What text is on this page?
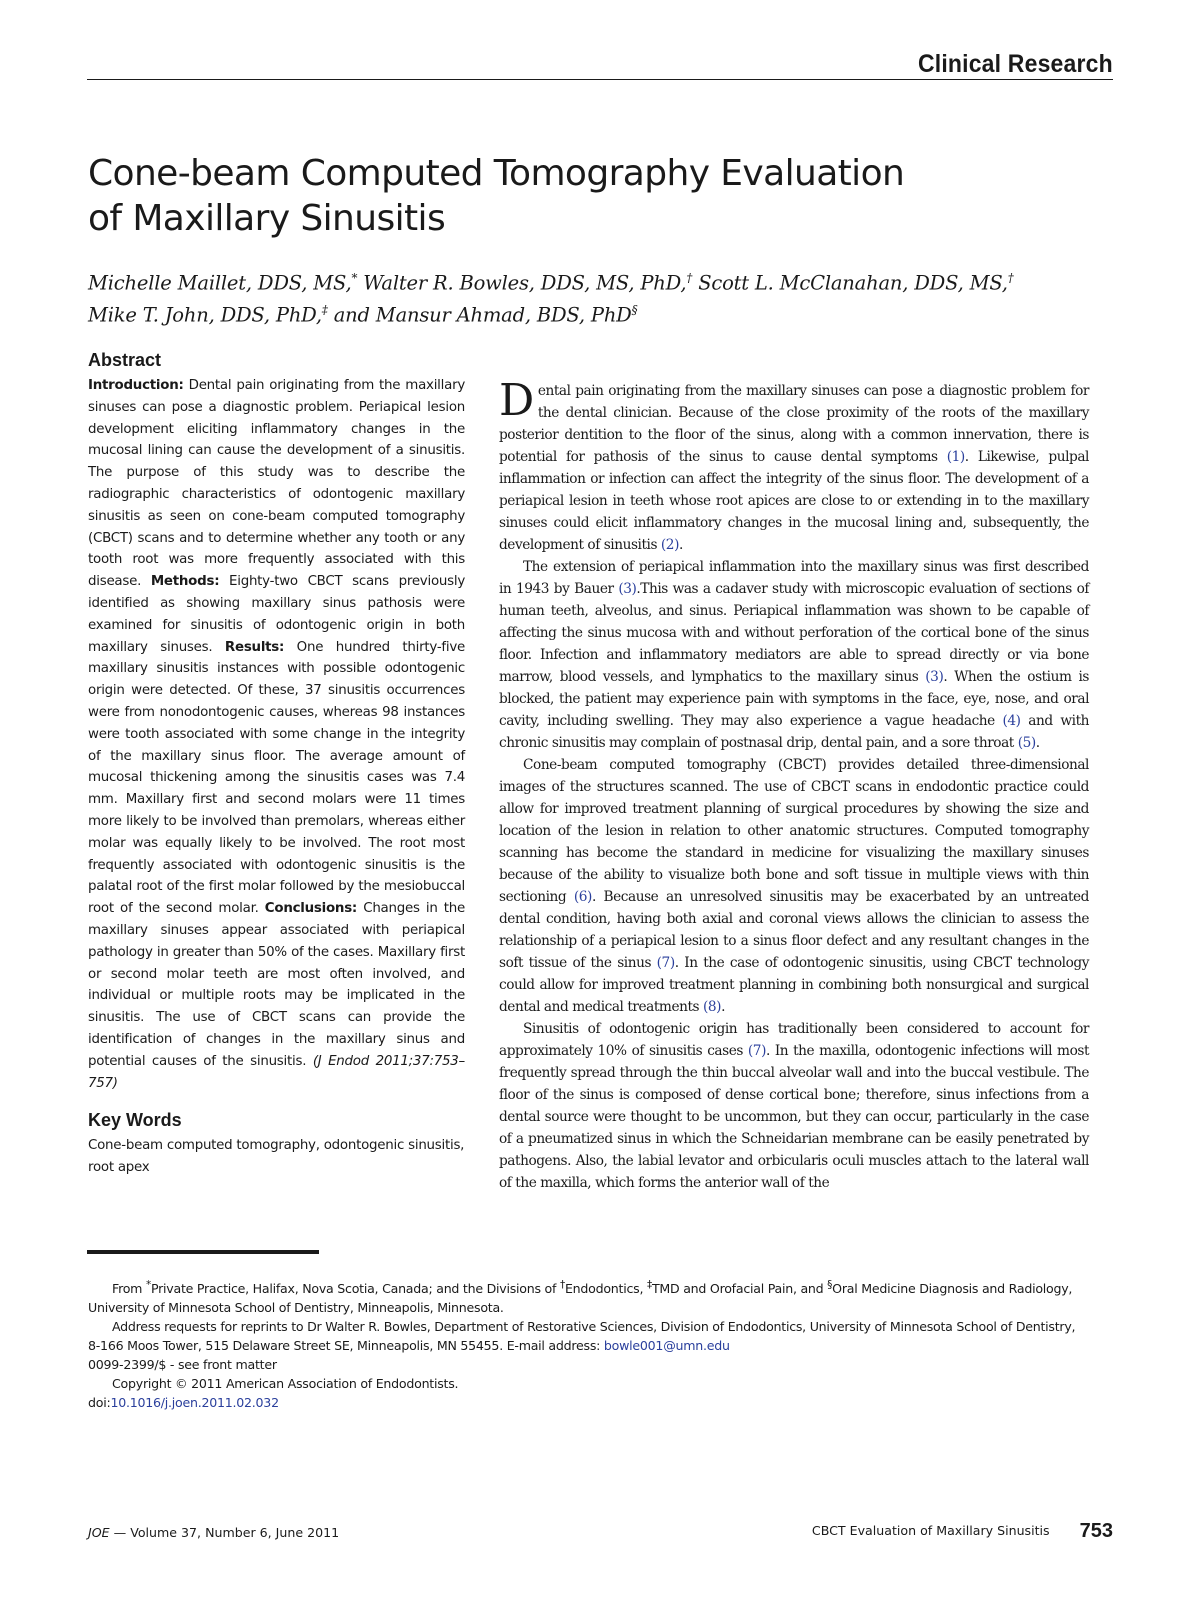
Clinical Research
Cone-beam Computed Tomography Evaluation
of Maxillary Sinusitis
Michelle Maillet, DDS, MS,* Walter R. Bowles, DDS, MS, PhD,† Scott L. McClanahan, DDS, MS,†
Mike T. John, DDS, PhD,‡ and Mansur Ahmad, BDS, PhD§
Abstract

Introduction: Dental pain originating from the maxillary sinuses can pose a diagnostic problem. Periapical lesion development eliciting inflammatory changes in the mucosal lining can cause the development of a sinusitis. The purpose of this study was to describe the radiographic characteristics of odontogenic maxillary sinusitis as seen on cone-beam computed tomography (CBCT) scans and to determine whether any tooth or any tooth root was more frequently associated with this disease. Methods: Eighty-two CBCT scans previously identified as showing maxillary sinus pathosis were examined for sinusitis of odontogenic origin in both maxillary sinuses. Results: One hundred thirty-five maxillary sinusitis instances with possible odontogenic origin were detected. Of these, 37 sinusitis occurrences were from nonodontogenic causes, whereas 98 instances were tooth associated with some change in the integrity of the maxillary sinus floor. The average amount of mucosal thickening among the sinusitis cases was 7.4 mm. Maxillary first and second molars were 11 times more likely to be involved than premolars, whereas either molar was equally likely to be involved. The root most frequently associated with odontogenic sinusitis is the palatal root of the first molar followed by the mesiobuccal root of the second molar. Conclusions: Changes in the maxillary sinuses appear associated with periapical pathology in greater than 50% of the cases. Maxillary first or second molar teeth are most often involved, and individual or multiple roots may be implicated in the sinusitis. The use of CBCT scans can provide the identification of changes in the maxillary sinus and potential causes of the sinusitis. (J Endod 2011;37:753–757)

Key Words

Cone-beam computed tomography, odontogenic sinusitis, root apex

Dental pain originating from the maxillary sinuses can pose a diagnostic problem for the dental clinician. Because of the close proximity of the roots of the maxillary posterior dentition to the floor of the sinus, along with a common innervation, there is potential for pathosis of the sinus to cause dental symptoms (1). Likewise, pulpal inflammation or infection can affect the integrity of the sinus floor. The development of a periapical lesion in teeth whose root apices are close to or extending in to the maxillary sinuses could elicit inflammatory changes in the mucosal lining and, subsequently, the development of sinusitis (2).

The extension of periapical inflammation into the maxillary sinus was first described in 1943 by Bauer (3).This was a cadaver study with microscopic evaluation of sections of human teeth, alveolus, and sinus. Periapical inflammation was shown to be capable of affecting the sinus mucosa with and without perforation of the cortical bone of the sinus floor. Infection and inflammatory mediators are able to spread directly or via bone marrow, blood vessels, and lymphatics to the maxillary sinus (3). When the ostium is blocked, the patient may experience pain with symptoms in the face, eye, nose, and oral cavity, including swelling. They may also experience a vague headache (4) and with chronic sinusitis may complain of postnasal drip, dental pain, and a sore throat (5).

Cone-beam computed tomography (CBCT) provides detailed three-dimensional images of the structures scanned. The use of CBCT scans in endodontic practice could allow for improved treatment planning of surgical procedures by showing the size and location of the lesion in relation to other anatomic structures. Computed tomography scanning has become the standard in medicine for visualizing the maxillary sinuses because of the ability to visualize both bone and soft tissue in multiple views with thin sectioning (6). Because an unresolved sinusitis may be exacerbated by an untreated dental condition, having both axial and coronal views allows the clinician to assess the relationship of a periapical lesion to a sinus floor defect and any resultant changes in the soft tissue of the sinus (7). In the case of odontogenic sinusitis, using CBCT technology could allow for improved treatment planning in combining both nonsurgical and surgical dental and medical treatments (8).

Sinusitis of odontogenic origin has traditionally been considered to account for approximately 10% of sinusitis cases (7). In the maxilla, odontogenic infections will most frequently spread through the thin buccal alveolar wall and into the buccal vestibule. The floor of the sinus is composed of dense cortical bone; therefore, sinus infections from a dental source were thought to be uncommon, but they can occur, particularly in the case of a pneumatized sinus in which the Schneidarian membrane can be easily penetrated by pathogens. Also, the labial levator and orbicularis oculi muscles attach to the lateral wall of the maxilla, which forms the anterior wall of the

From *Private Practice, Halifax, Nova Scotia, Canada; and the Divisions of †Endodontics, ‡TMD and Orofacial Pain, and §Oral Medicine Diagnosis and Radiology, University of Minnesota School of Dentistry, Minneapolis, Minnesota.

Address requests for reprints to Dr Walter R. Bowles, Department of Restorative Sciences, Division of Endodontics, University of Minnesota School of Dentistry, 8-166 Moos Tower, 515 Delaware Street SE, Minneapolis, MN 55455. E-mail address: bowle001@umn.edu

0099-2399/$ - see front matter

Copyright © 2011 American Association of Endodontists.

doi:10.1016/j.joen.2011.02.032

JOE — Volume 37, Number 6, June 2011	CBCT Evaluation of Maxillary Sinusitis 753
